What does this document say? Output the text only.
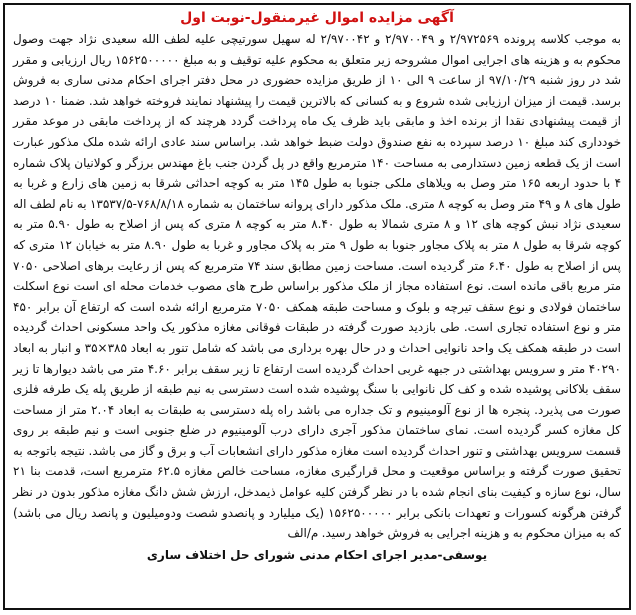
آگهی مزایده اموال غیرمنقول-نوبت اول

به موجب کلاسه پرونده ۲/۹۷۲۵۶۹ و ۲/۹۷۰۰۴۹ و ۲/۹۷۰۰۴۲ له سهیل سورتیچی علیه لطف الله سعیدی نژاد جهت وصول محکوم به و هزینه های اجرایی اموال مشروحه زیر متعلق به محکوم علیه توقیف و به مبلغ ۱۵۶۲۵۰۰۰۰۰ ریال ارزیابی و مقرر شد در روز شنبه ۹۷/۱۰/۲۹ از ساعت ۹ الی ۱۰ از طریق مزایده حضوری در محل دفتر اجرای احکام مدنی ساری به فروش برسد. قیمت از میزان ارزیابی شده شروع و به کسانی که بالاترین قیمت را پیشنهاد نمایند فروخته خواهد شد. ضمنا ۱۰ درصد از قیمت پیشنهادی نقدا از برنده اخذ و مابقی باید ظرف یک ماه پرداخت گردد هرچند که از پرداخت مابقی در موعد مقرر خودداری کند مبلغ ۱۰ درصد سپرده به نفع صندوق دولت ضبط خواهد شد. براساس سند عادی ارائه شده ملک مذکور عبارت است از یک قطعه زمین دستدارمی به مساحت ۱۴۰ مترمربع واقع در پل گردن جنب باغ مهندس برزگر و کولانیان پلاک شماره ۴ با حدود اربعه ۱۶۵ متر وصل به ویلاهای ملکی جنوبا به طول ۱۴۵ متر به کوچه احداثی شرقا به زمین های زارع و غربا به طول های ۸ و ۴۹ متر وصل به کوچه ۸ متری. ملک مذکور دارای پروانه ساختمان به شماره ۷۶۸/۸/۱۸-۱۳۵۳۷/۵ به نام لطف اله سعیدی نژاد نبش کوچه های ۱۲ و ۸ متری شمالا به طول ۸.۴۰ متر به کوچه ۸ متری که پس از اصلاح به طول ۵.۹۰ متر به کوچه شرقا به طول ۸ متر به پلاک مجاور جنوبا به طول ۹ متر به پلاک مجاور و غربا به طول ۸.۹۰ متر به خیابان ۱۲ متری که پس از اصلاح به طول ۶.۴۰ متر گردیده است. مساحت زمین مطابق سند ۷۴ مترمربع که پس از رعایت برهای اصلاحی ۷۰۵۰ متر مربع باقی مانده است. نوع استفاده مجاز از ملک مذکور براساس طرح های مصوب خدمات محله ای است نوع اسکلت ساختمان فولادی و نوع سقف تیرچه و بلوک و مساحت طبقه همکف ۷۰۵۰ مترمربع ارائه شده است که ارتفاع آن برابر ۴۵۰ متر و نوع استفاده تجاری است. طی بازدید صورت گرفته در طبقات فوقانی مغازه مذکور یک واحد مسکونی احداث گردیده است در طبقه همکف یک واحد نانوایی احداث و در حال بهره برداری می باشد که شامل تنور به ابعاد ۳۸۵×۳۵ و انبار به ابعاد ۴۰۲۹۰ متر و سرویس بهداشتی در جبهه غربی احداث گردیده است ارتفاع تا زیر سقف برابر ۴.۶۰ متر می باشد دیوارها تا زیر سقف بلاکانی پوشیده شده و کف کل نانوایی با سنگ پوشیده شده است دسترسی به نیم طبقه از طریق پله یک طرفه فلزی صورت می پذیرد. پنجره ها از نوع آلومینیوم و تک جداره می باشد راه پله دسترسی به طبقات به ابعاد ۲.۰۴ متر از مساحت کل مغازه کسر گردیده است. نمای ساختمان مذکور آجری دارای درب آلومینیوم در ضلع جنوبی است و نیم طبقه بر روی قسمت سرویس بهداشتی و تنور احداث گردیده است مغازه مذکور دارای انشعابات آب و برق و گاز می باشد. نتیجه باتوجه به تحقیق صورت گرفته و براساس موقعیت و محل قرارگیری مغازه، مساحت خالص مغازه ۶۲.۵ مترمربع است، قدمت بنا ۲۱ سال، نوع سازه و کیفیت بنای انجام شده با در نظر گرفتن کلیه عوامل ذیمدخل، ارزش شش دانگ مغازه مذکور بدون در نظر گرفتن هرگونه کسورات و تعهدات بانکی برابر ۱۵۶۲۵۰۰۰۰۰ (یک میلیارد و پانصدو شصت ودومیلیون و پانصد ریال می باشد) که به میزان محکوم به و هزینه اجرایی به فروش خواهد رسید. م/الف

یوسفی-مدیر اجرای احکام مدنی شورای حل اختلاف ساری
